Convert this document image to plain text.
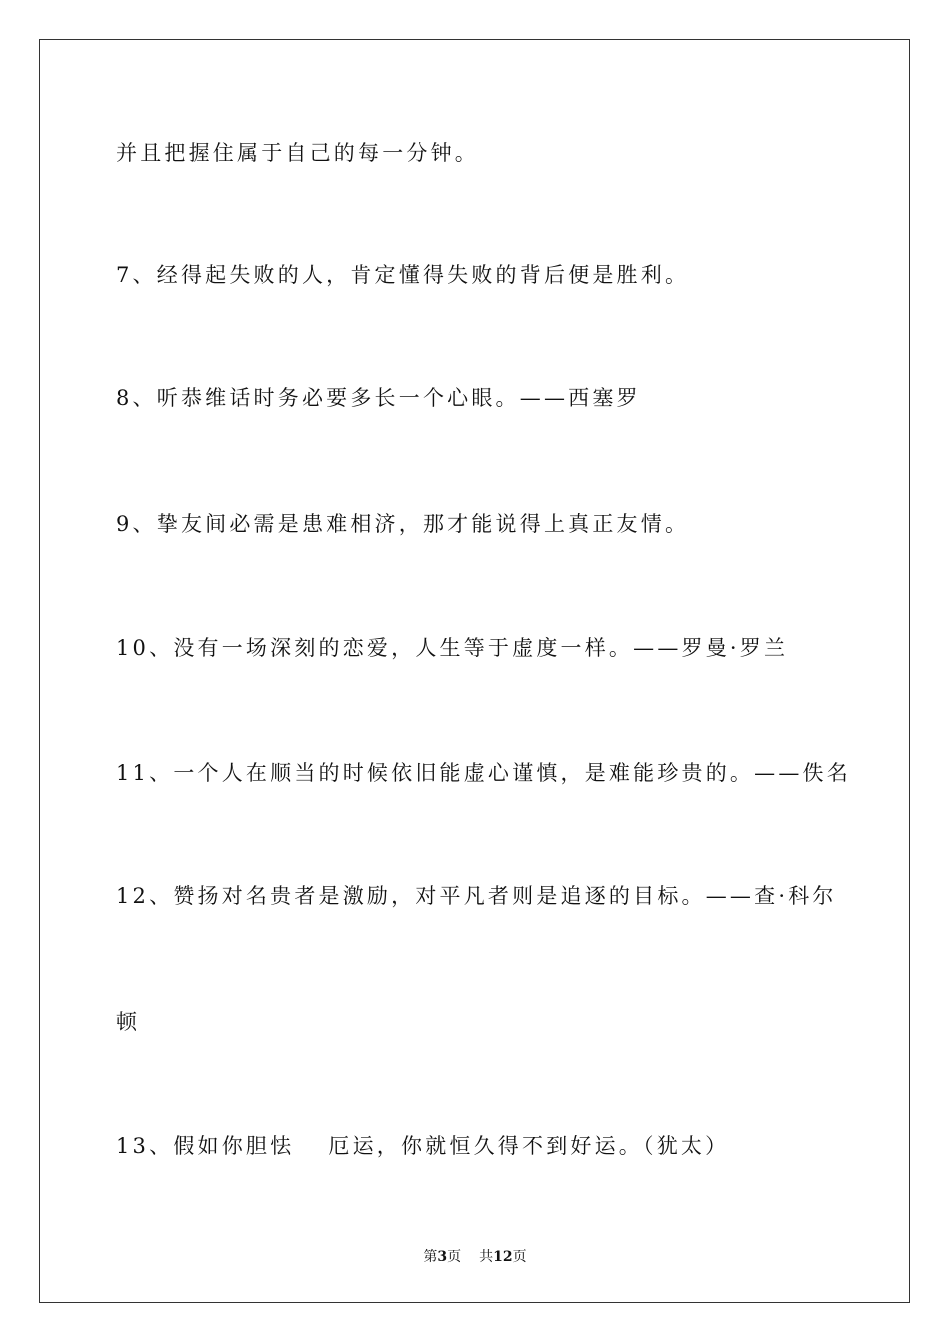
并且把握住属于自己的每一分钟。
7、经得起失败的人，肯定懂得失败的背后便是胜利。
8、听恭维话时务必要多长一个心眼。——西塞罗
9、挚友间必需是患难相济，那才能说得上真正友情。
10、没有一场深刻的恋爱，人生等于虚度一样。——罗曼·罗兰
11、一个人在顺当的时候依旧能虚心谨慎，是难能珍贵的。——佚名
12、赞扬对名贵者是激励，对平凡者则是追逐的目标。——查·科尔
顿
13、假如你胆怯　 厄运，你就恒久得不到好运。（犹太）
第3页 共12页
